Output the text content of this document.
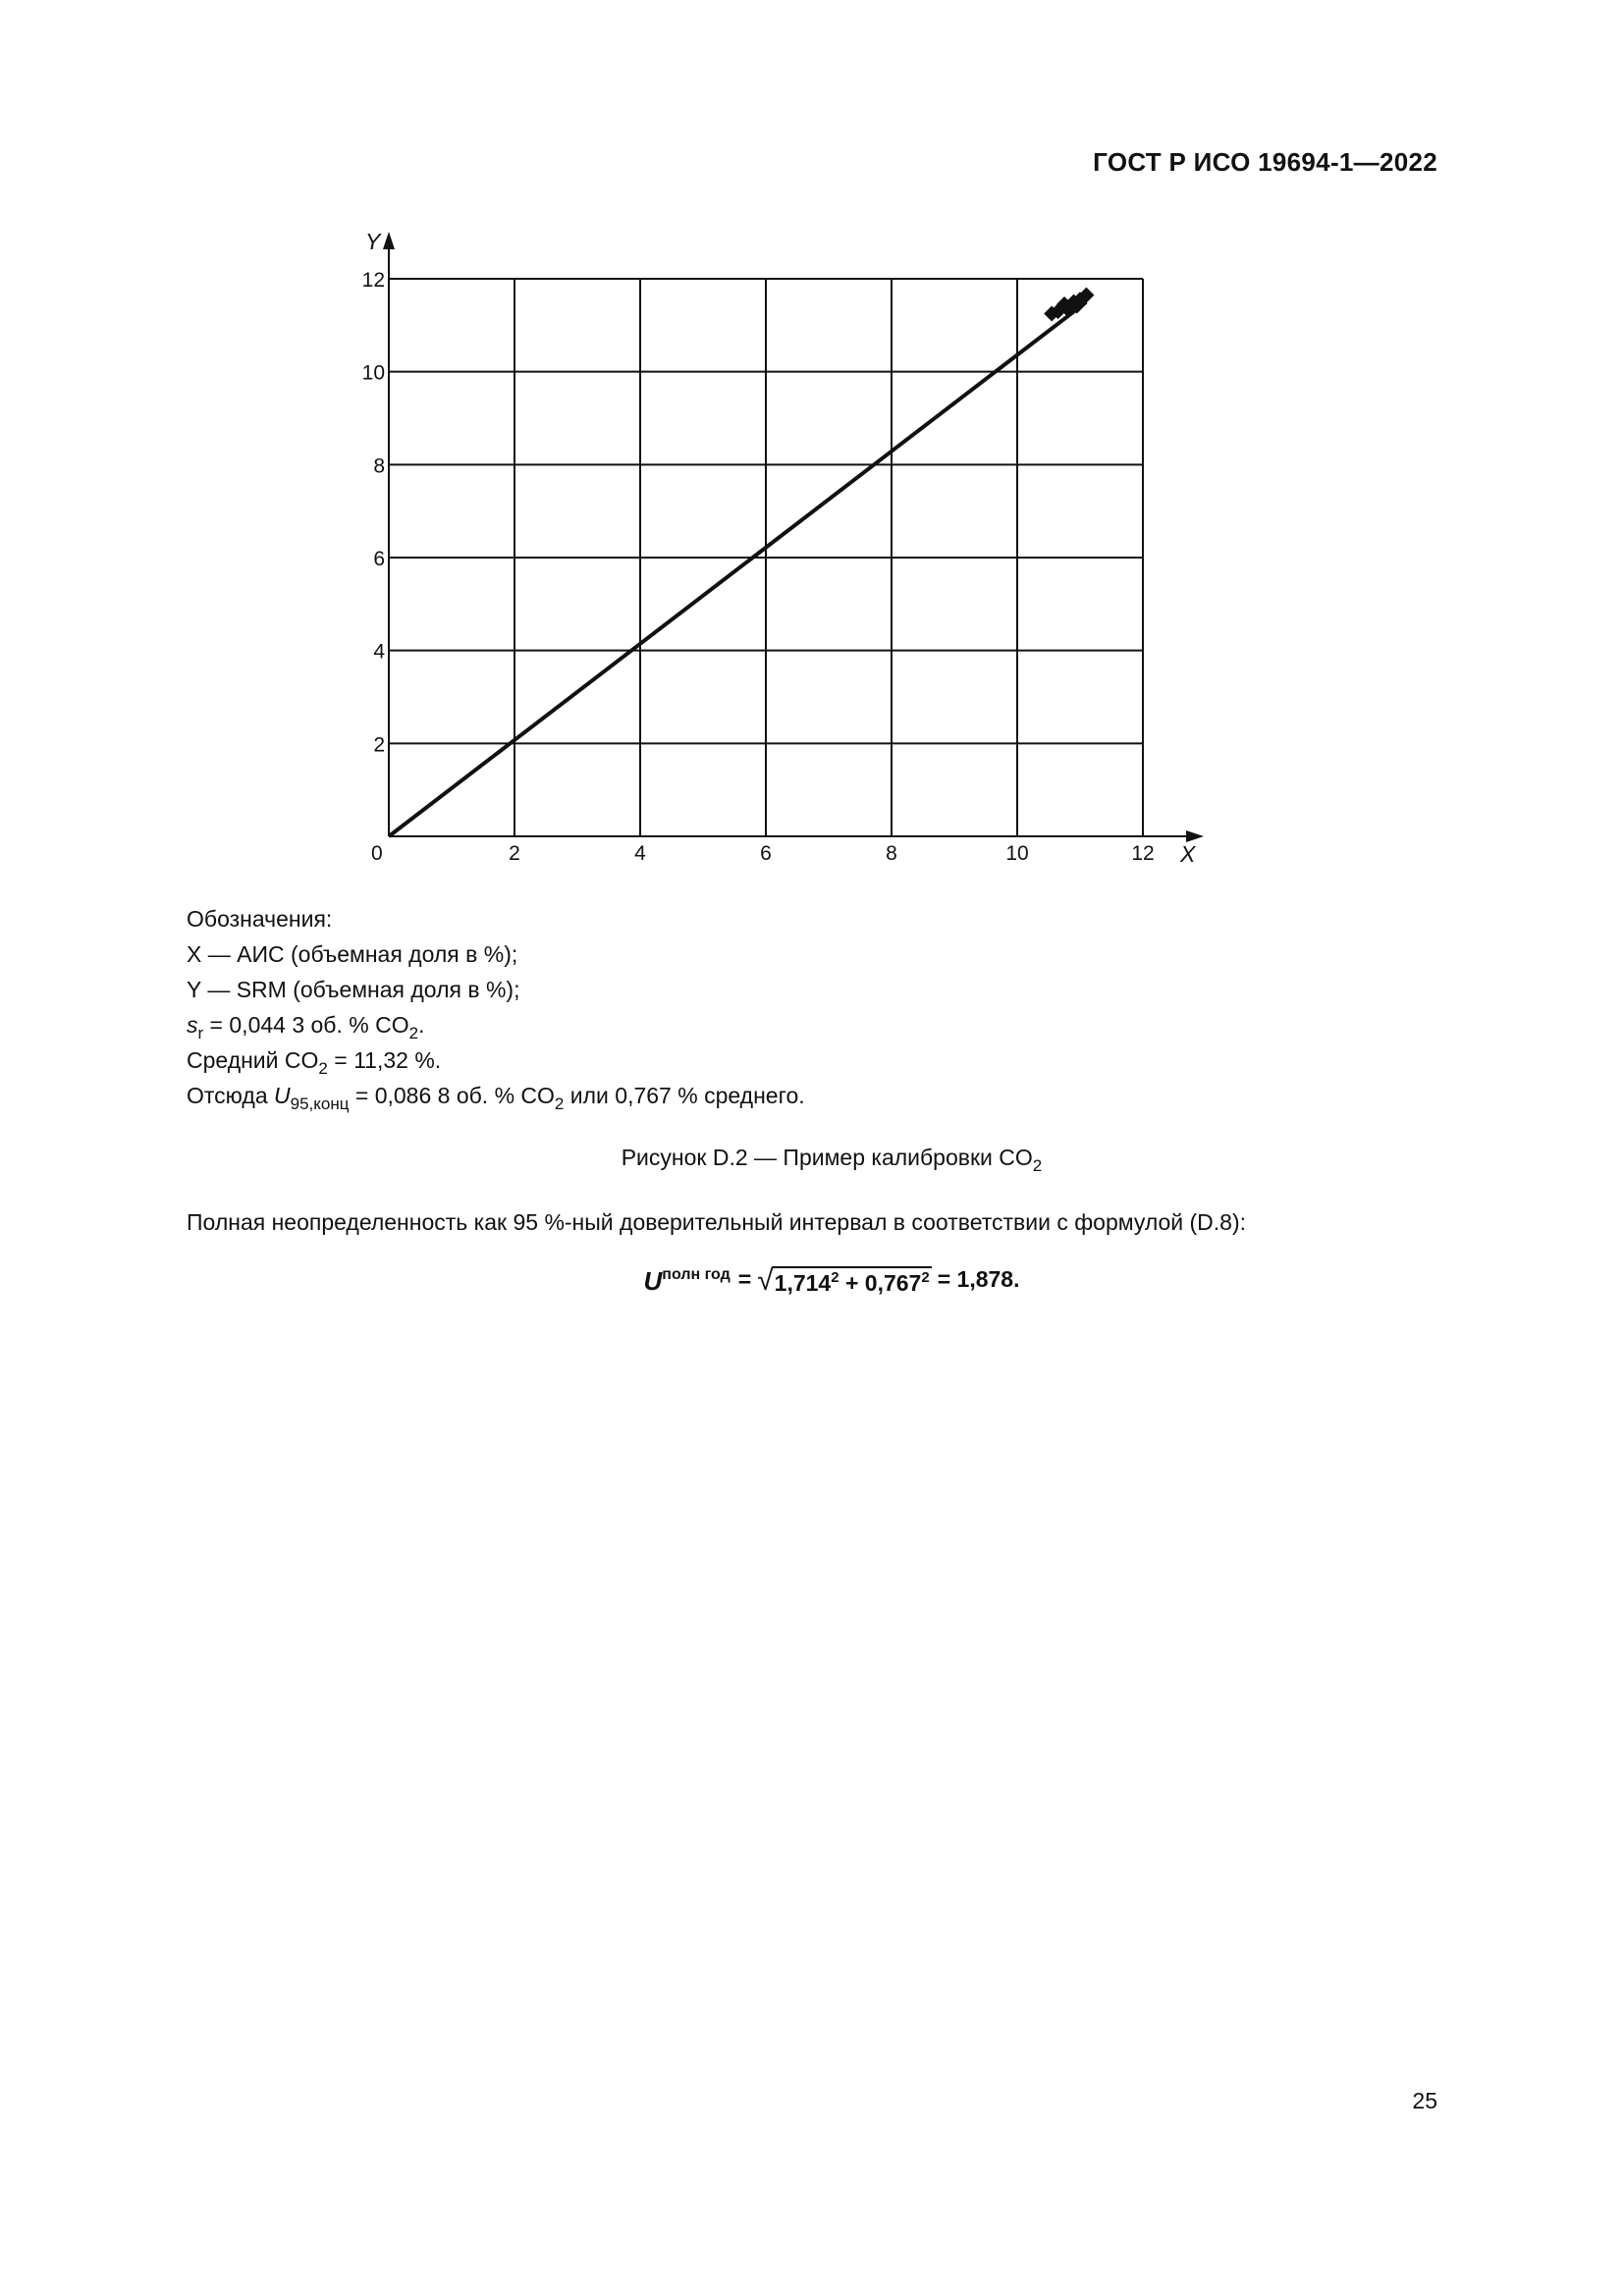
ГОСТ Р ИСО 19694-1—2022
Y
X
0	2	4	6	8	10	12
2
4
6
8
10
12
Обозначения:
X — АИС (объемная доля в %);
Y — SRM (объемная доля в %);
$s_r = 0,044$ 3 об. % $CO_2$.
Средний $CO_2 = 11,32$ %.
Отсюда $U_{95,конц} = 0,086$ 8 об. % $CO_2$ или 0,767 % среднего.
Рисунок D.2 — Пример калибровки $CO_2$
Полная неопределенность как 95 %-ный доверительный интервал в соответствии с формулой (D.8):
U полн год = √ $1,714^2 + 0,767^2 = 1,878$.
25
